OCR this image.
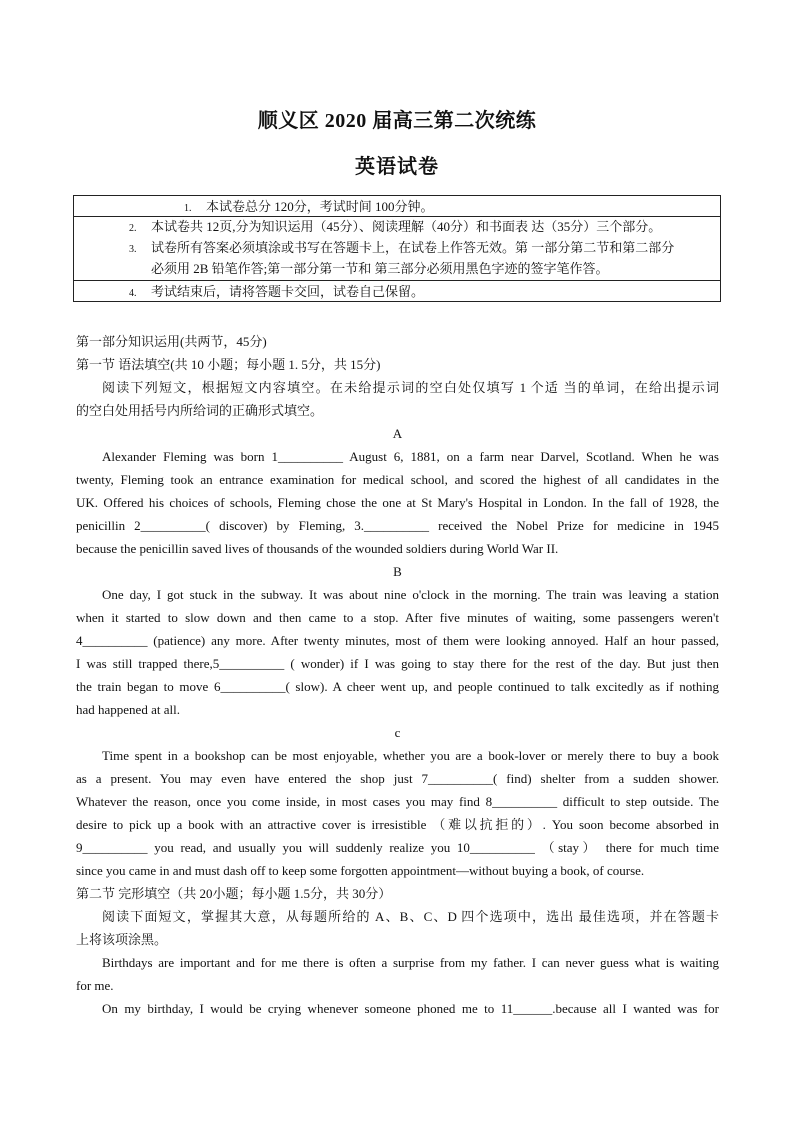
顺义区 2020 届高三第二次统练
英语试卷
1. 本试卷总分 120分，考试时间 100分钟。
2. 本试卷共 12页,分为知识运用（45分）、阅读理解（40分）和书面表 达（35分）三个部分。
3. 试卷所有答案必须填涂或书写在答题卡上，在试卷上作答无效。第 一部分第二节和第二部分
必须用 2B 铅笔作答;第一部分第一节和 第三部分必须用黑色字迹的签字笔作答。
4. 考试结束后，请将答题卡交回，试卷自己保留。

第一部分知识运用(共两节，45分)

第一节 语法填空(共 10 小题；每小题 1. 5分，共 15分)

阅读下列短文，根据短文内容填空。在未给提示词的空白处仅填写 1 个适 当的单词，在给出提示词

的空白处用括号内所给词的正确形式填空。

A

Alexander Fleming was born 1__________ August 6, 1881, on a farm near Darvel, Scotland. When he was

twenty, Fleming took an entrance examination for medical school, and scored the highest of all candidates in the

UK. Offered his choices of schools, Fleming chose the one at St Mary's Hospital in London. In the fall of 1928, the

penicillin 2__________( discover) by Fleming, 3.__________ received the Nobel Prize for medicine in 1945

because the penicillin saved lives of thousands of the wounded soldiers during World War II.

B

One day, I got stuck in the subway. It was about nine o'clock in the morning. The train was leaving a station

when it started to slow down and then came to a stop. After five minutes of waiting, some passengers weren't

4__________ (patience) any more. After twenty minutes, most of them were looking annoyed. Half an hour passed,

I was still trapped there,5__________ ( wonder) if I was going to stay there for the rest of the day. But just then

the train began to move 6__________( slow). A cheer went up, and people continued to talk excitedly as if nothing

had happened at all.

c

Time spent in a bookshop can be most enjoyable, whether you are a book-lover or merely there to buy a book

as a present. You may even have entered the shop just 7__________( find) shelter from a sudden shower.

Whatever the reason, once you come inside, in most cases you may find 8__________ difficult to step outside. The

desire to pick up a book with an attractive cover is irresistible （难以抗拒的）. You soon become absorbed in

9__________ you read, and usually you will suddenly realize you 10__________ （stay） there for much time

since you came in and must dash off to keep some forgotten appointment—without buying a book, of course.

第二节 完形填空（共 20小题；每小题 1.5分，共 30分）

阅读下面短文，掌握其大意，从每题所给的 A、B、C、D 四个选项中，选出 最佳选项，并在答题卡

上将该项涂黑。

Birthdays are important and for me there is often a surprise from my father. I can never guess what is waiting

for me.

On my birthday, I would be crying whenever someone phoned me to 11______.because all I wanted was for
